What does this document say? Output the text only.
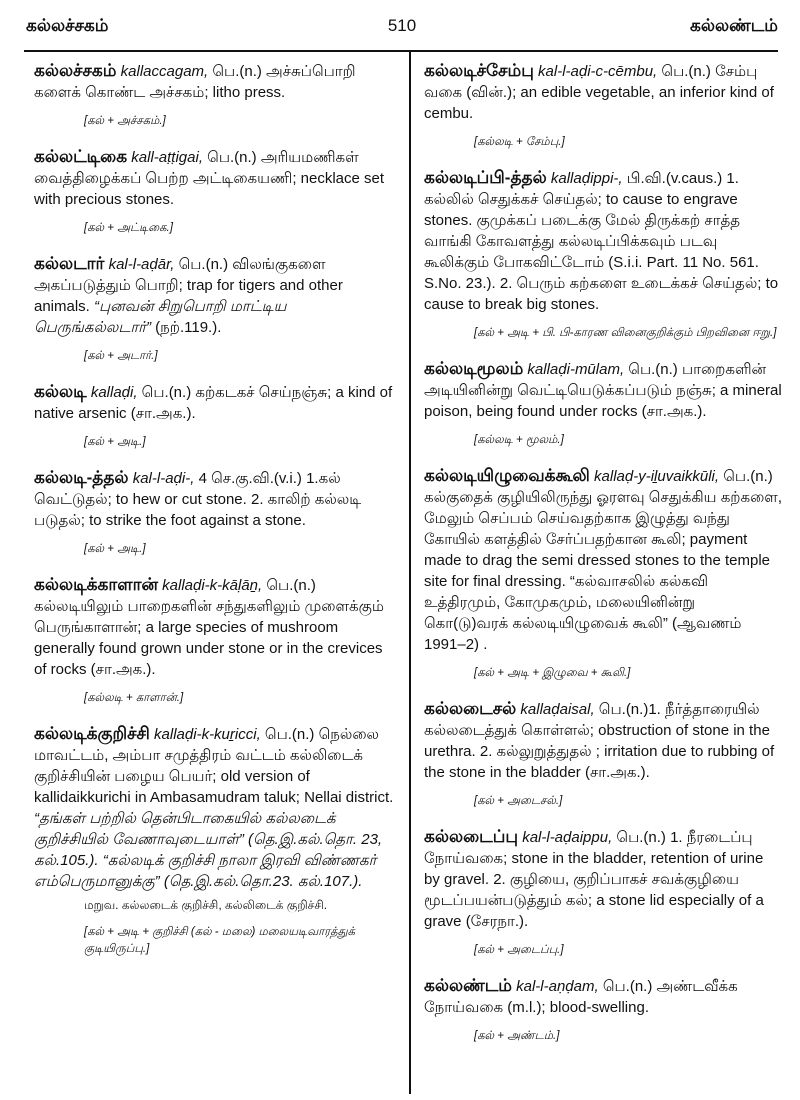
கல்லச்சகம்	510	கல்லண்டம்
கல்லச்சகம் kallaccagam, பெ.(n.) அச்சுப்பொறி களைக் கொண்ட அச்சகம்; litho press.
[கல் + அச்சகம்.]
கல்லட்டிகை kall-aṭṭigai, பெ.(n.) அரியமணிகள் வைத்திழைக்கப் பெற்ற அட்டிகையணி; necklace set with precious stones.
[கல் + அட்டிகை.]
கல்லடார் kal-l-aḍār, பெ.(n.) விலங்குகளை அகப்படுத்தும் பொறி; trap for tigers and other animals. “புனவன் சிறுபொறி மாட்டிய பெருங்கல்லடார்” (நற்.119.).
[கல் + அடார்.]
கல்லடி kallaḍi, பெ.(n.) கற்கடகச் செய்நஞ்சு; a kind of native arsenic (சா.அக.).
[கல் + அடி.]
கல்லடி-த்தல் kal-l-aḍi-, 4 செ.கு.வி.(v.i.) 1.கல் வெட்டுதல்; to hew or cut stone. 2. காலிற் கல்லடி படுதல்; to strike the foot against a stone.
[கல் + அடி.]
கல்லடிக்காளான் kallaḍi-k-kāḷāṉ, பெ.(n.) கல்லடியிலும் பாறைகளின் சந்துகளிலும் முளைக்கும் பெருங்காளான்; a large species of mushroom generally found grown under stone or in the crevices of rocks (சா.அக.).
[கல்லடி + காளான்.]
கல்லடிக்குறிச்சி kallaḍi-k-kuṟicci, பெ.(n.) நெல்லை மாவட்டம், அம்பா சமுத்திரம் வட்டம் கல்லிடைக் குறிச்சியின் பழைய பெயர்; old version of kallidaikkurichi in Ambasamudram taluk; Nellai district. “தங்கள் பற்றில் தென்பிடாகையில் கல்லடைக் குறிச்சியில் வேணாவுடையாள்” (தெ.இ.கல்.தொ. 23, கல்.105.). “கல்லடிக் குறிச்சி நாலா இரவி விண்ணகர் எம்பெருமானுக்கு” (தெ.இ.கல்.தொ.23. கல்.107.).
மறுவ. கல்லடைக் குறிச்சி, கல்லிடைக் குறிச்சி.
[கல் + அடி + குறிச்சி (கல் - மலை) மலையடிவாரத்துக் குடியிருப்பு.]
கல்லடிச்சேம்பு kal-l-aḍi-c-cēmbu, பெ.(n.) சேம்பு வகை (வின்.); an edible vegetable, an inferior kind of cembu.
[கல்லடி + சேம்பு.]
கல்லடிப்பி-த்தல் kallaḍippi-, பி.வி.(v.caus.) 1. கல்லில் செதுக்கச் செய்தல்; to cause to engrave stones. குமுக்கப் படைக்கு மேல் திருக்கற் சாத்த வாங்கி கோவளத்து கல்லடிப்பிக்கவும் படவு கூலிக்கும் போகவிட்டோம் (S.i.i. Part. 11 No. 561. S.No. 23.). 2. பெரும் கற்களை உடைக்கச் செய்தல்; to cause to break big stones.
[கல் + அடி + பி. பி-காரண வினைகுறிக்கும் பிறவினை ஈறு.]
கல்லடிமூலம் kallaḍi-mūlam, பெ.(n.) பாறைகளின் அடியினின்று வெட்டியெடுக்கப்படும் நஞ்சு; a mineral poison, being found under rocks (சா.அக.).
[கல்லடி + மூலம்.]
கல்லடியிழுவைக்கூலி kallaḍ-y-iḻuvaikkūli, பெ.(n.) கல்குதைக் குழியிலிருந்து ஓரளவு செதுக்கிய கற்களை, மேலும் செப்பம் செய்வதற்காக இழுத்து வந்து கோயில் களத்தில் சேர்ப்பதற்கான கூலி; payment made to drag the semi dressed stones to the temple site for final dressing. “கல்வாசலில் கல்கவி உத்திரமும், கோமுகமும், மலையினின்று கொ(டு)வரக் கல்லடியிழுவைக் கூலி” (ஆவணம் 1991–2) .
[கல் + அடி + இழுவை + கூலி.]
கல்லடைசல் kallaḍaisal, பெ.(n.)1. நீர்த்தாரையில் கல்லடைத்துக் கொள்ளல்; obstruction of stone in the urethra. 2. கல்லுறுத்துதல் ; irritation due to rubbing of the stone in the bladder (சா.அக.).
[கல் + அடைசல்.]
கல்லடைப்பு kal-l-aḍaippu, பெ.(n.) 1. நீரடைப்பு நோய்வகை; stone in the bladder, retention of urine by gravel. 2. குழியை, குறிப்பாகச் சவக்குழியை மூடப்பயன்படுத்தும் கல்; a stone lid especially of a grave (சேரநா.).
[கல் + அடைப்பு.]
கல்லண்டம் kal-l-aṇḍam, பெ.(n.) அண்டவீக்க நோய்வகை (m.l.); blood-swelling.
[கல் + அண்டம்.]
